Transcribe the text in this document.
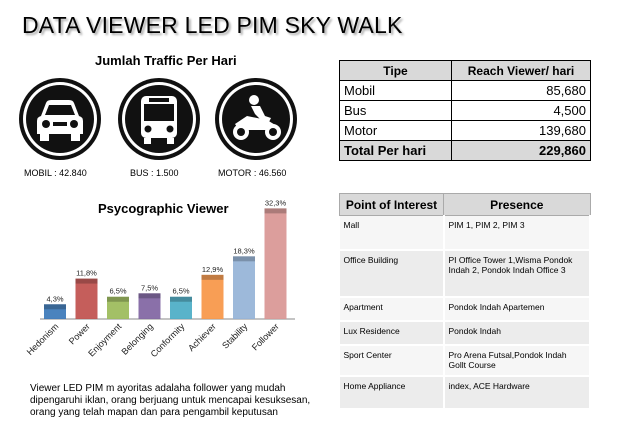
DATA VIEWER LED PIM SKY WALK
Jumlah Traffic Per Hari
MOBIL : 42.840	BUS : 1.500	MOTOR : 46.560
Tipe	Reach Viewer/ hari
Mobil	85,680
Bus	4,500
Motor	139,680
Total Per hari	229,860
Psycographic Viewer
4,3%
Hedonism
11,8%
Power
6,5%
Enjoyment
7,5%
Belonging
6,5%
Conformity
12,9%
Achiever
18,3%
Stability
32,3%
Follower
Viewer LED PIM m ayoritas adalaha follower yang mudah dipengaruhi iklan, orang berjuang untuk mencapai kesuksesan, orang yang telah mapan dan para pengambil keputusan
Point of Interest	Presence
Mall	PIM 1, PIM 2, PIM 3
Office Building	PI Office Tower 1,Wisma Pondok Indah 2, Pondok Indah Office 3
Apartment	Pondok Indah Apartemen
Lux Residence	Pondok Indah
Sport Center	Pro Arena Futsal,Pondok Indah Gollt Course
Home Appliance	index, ACE Hardware
